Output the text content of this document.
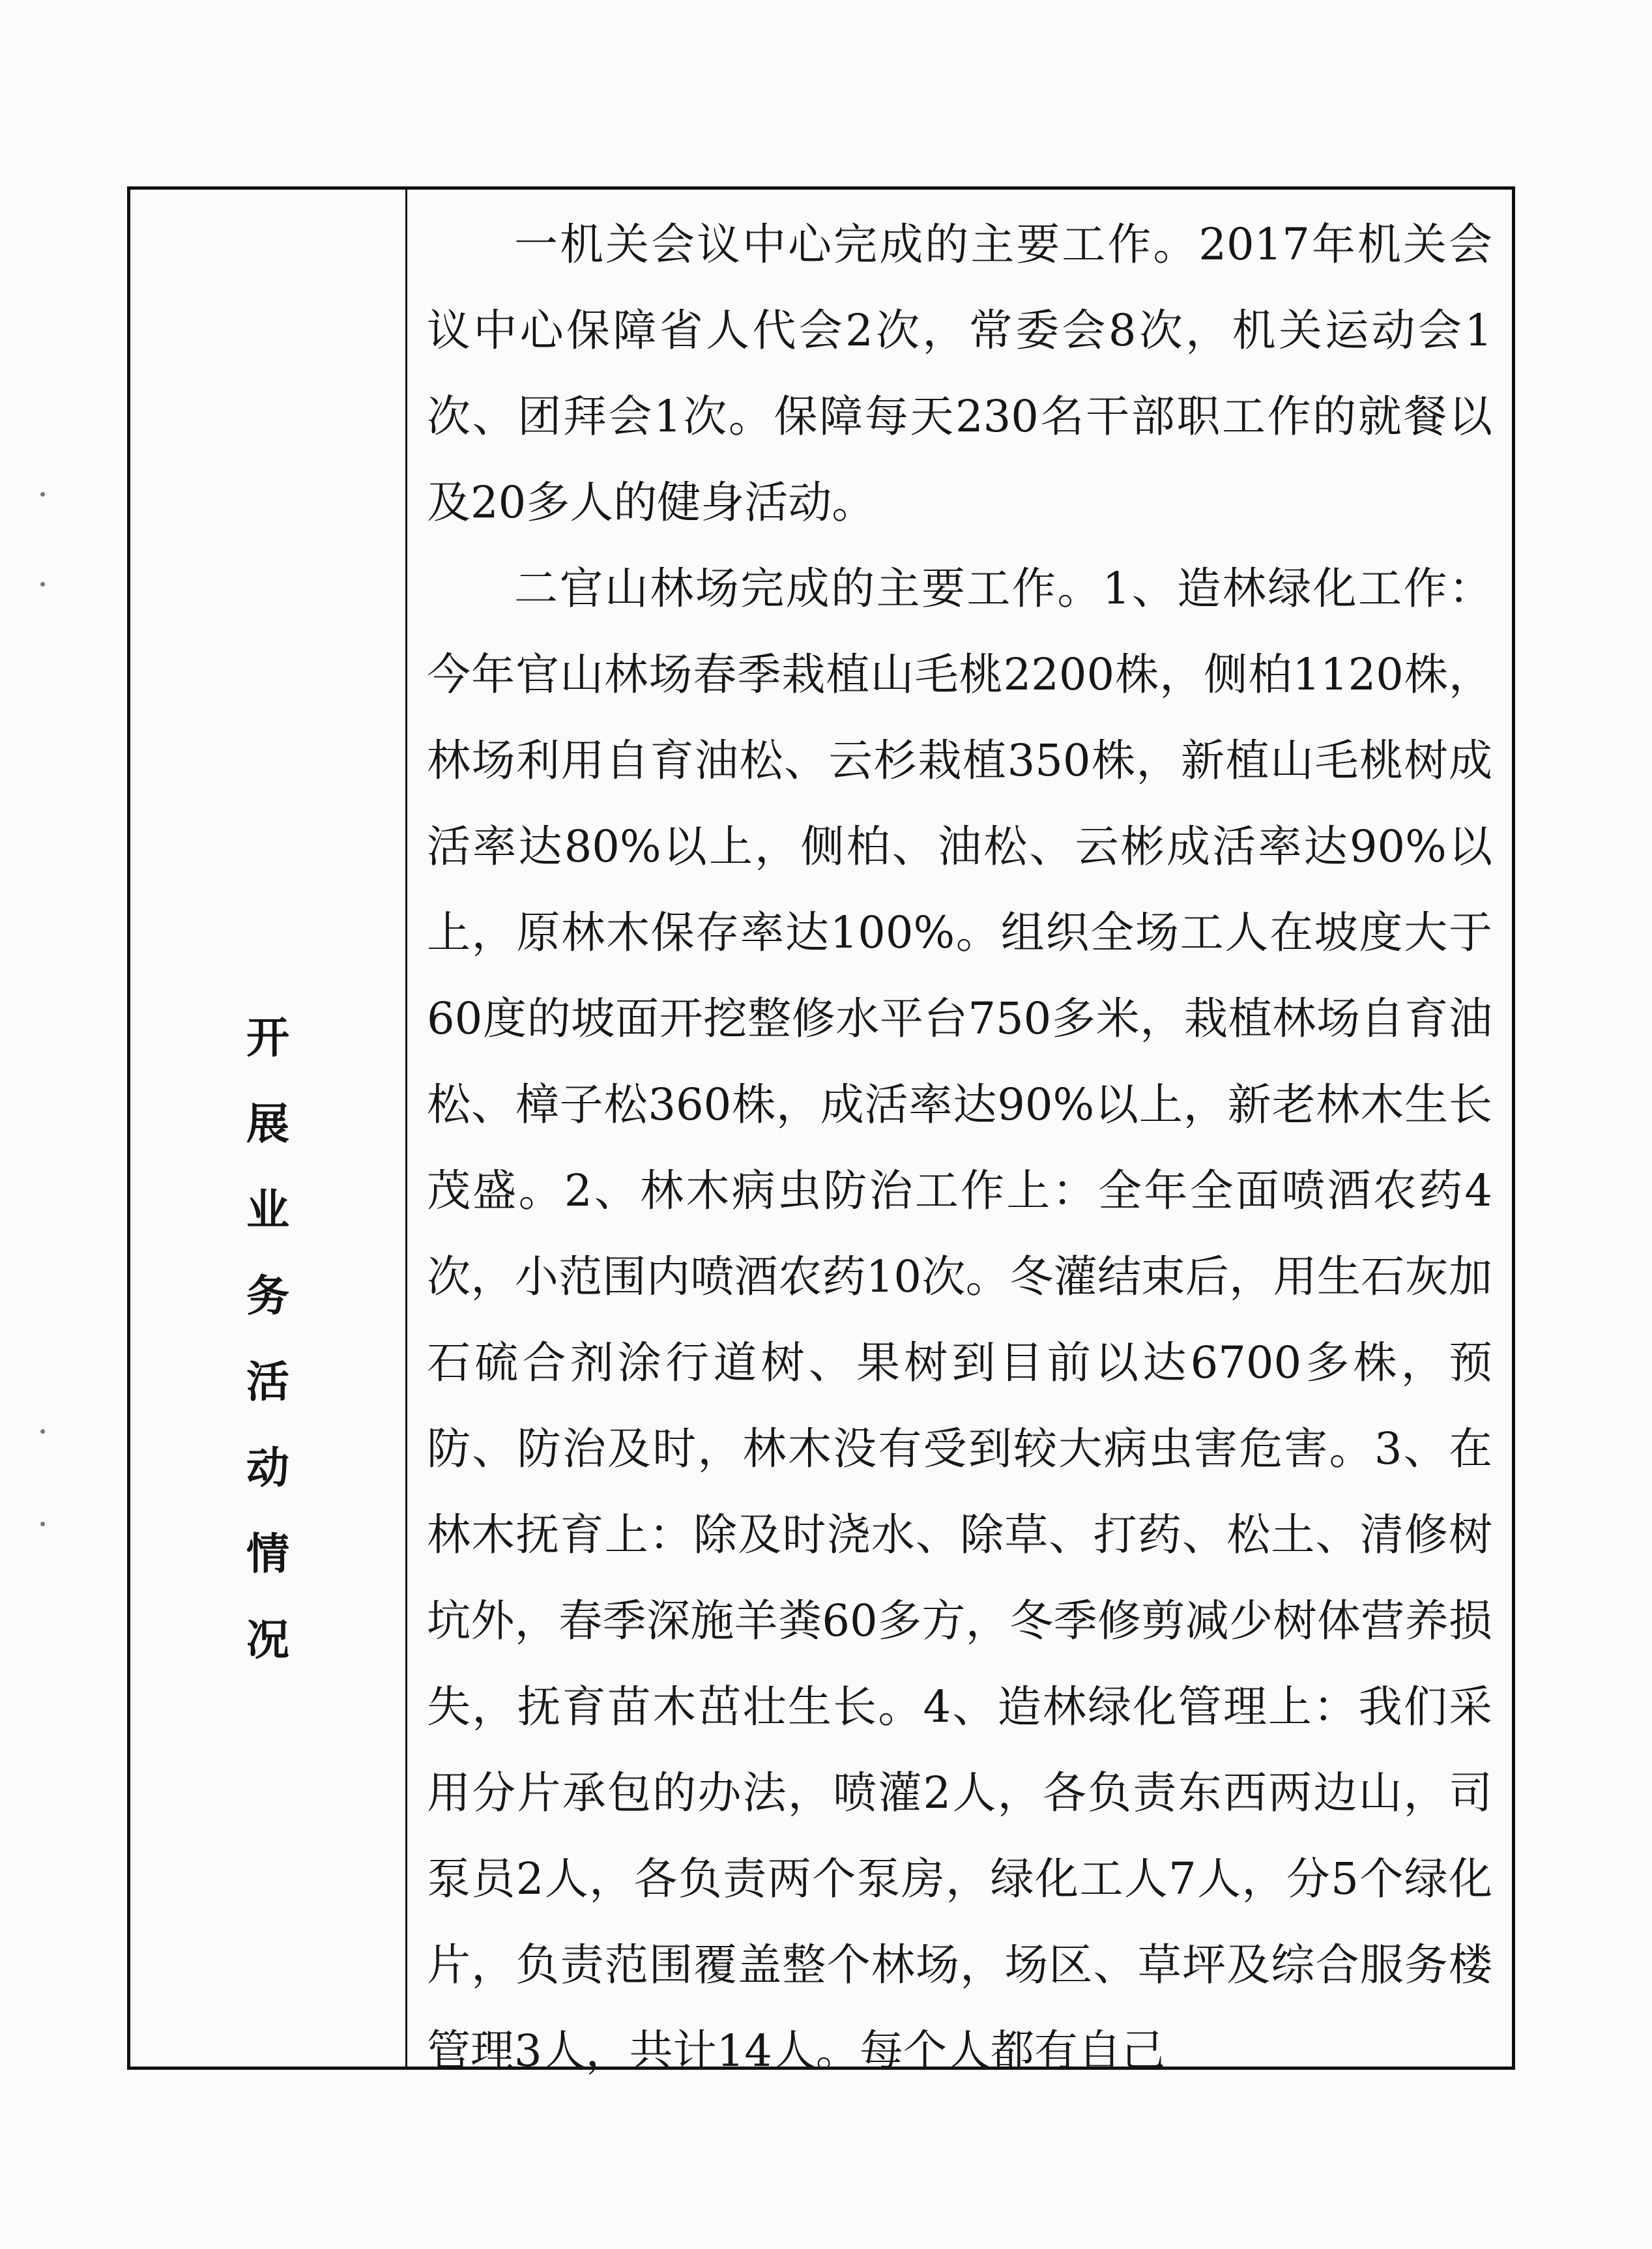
开
展
业
务
活
动
情
况

一机关会议中心完成的主要工作。2017年机关会议中心保障省人代会2次，常委会8次，机关运动会1次、团拜会1次。保障每天230名干部职工作的就餐以及20多人的健身活动。

二官山林场完成的主要工作。1、造林绿化工作：今年官山林场春季栽植山毛桃2200株，侧柏1120株，林场利用自育油松、云杉栽植350株，新植山毛桃树成活率达80%以上，侧柏、油松、云彬成活率达90%以上，原林木保存率达100%。组织全场工人在坡度大于60度的坡面开挖整修水平台750多米，栽植林场自育油松、樟子松360株，成活率达90%以上，新老林木生长茂盛。2、林木病虫防治工作上：全年全面喷酒农药4次，小范围内喷酒农药10次。冬灌结束后，用生石灰加石硫合剂涂行道树、果树到目前以达6700多株，预防、防治及时，林木没有受到较大病虫害危害。3、在林木抚育上：除及时浇水、除草、打药、松土、清修树坑外，春季深施羊粪60多方，冬季修剪减少树体营养损失，抚育苗木茁壮生长。4、造林绿化管理上：我们采用分片承包的办法，喷灌2人，各负责东西两边山，司泵员2人，各负责两个泵房，绿化工人7人，分5个绿化片，负责范围覆盖整个林场，场区、草坪及综合服务楼管理3人，共计14人。每个人都有自己
